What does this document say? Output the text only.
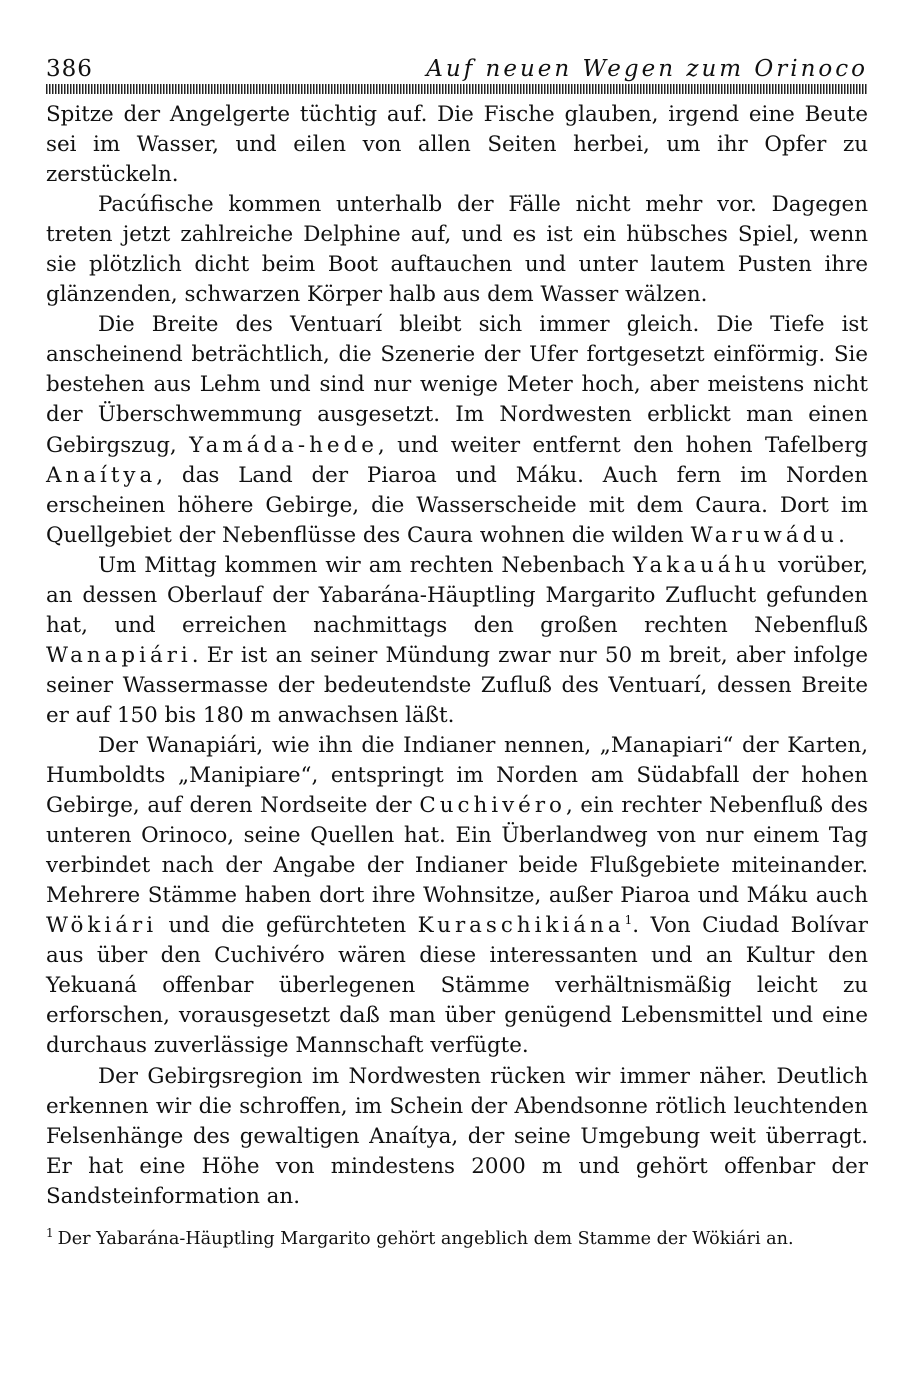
386	Auf neuen Wegen zum Orinoco

Spitze der Angelgerte tüchtig auf. Die Fische glauben, irgend eine Beute sei im Wasser, und eilen von allen Seiten herbei, um ihr Opfer zu zerstückeln.

Pacúfische kommen unterhalb der Fälle nicht mehr vor. Dagegen treten jetzt zahlreiche Delphine auf, und es ist ein hübsches Spiel, wenn sie plötzlich dicht beim Boot auftauchen und unter lautem Pusten ihre glänzenden, schwarzen Körper halb aus dem Wasser wälzen.

Die Breite des Ventuarí bleibt sich immer gleich. Die Tiefe ist anscheinend beträchtlich, die Szenerie der Ufer fortgesetzt einförmig. Sie bestehen aus Lehm und sind nur wenige Meter hoch, aber meistens nicht der Überschwemmung ausgesetzt. Im Nordwesten erblickt man einen Gebirgszug, Yamáda-hede, und weiter entfernt den hohen Tafelberg Anaítya, das Land der Piaroa und Máku. Auch fern im Norden erscheinen höhere Gebirge, die Wasserscheide mit dem Caura. Dort im Quellgebiet der Nebenflüsse des Caura wohnen die wilden Waruwádu.

Um Mittag kommen wir am rechten Nebenbach Yakauáhu vorüber, an dessen Oberlauf der Yabarána-Häuptling Margarito Zuflucht gefunden hat, und erreichen nachmittags den großen rechten Nebenfluß Wanapiári. Er ist an seiner Mündung zwar nur 50 m breit, aber infolge seiner Wassermasse der bedeutendste Zufluß des Ventuarí, dessen Breite er auf 150 bis 180 m anwachsen läßt.

Der Wanapiári, wie ihn die Indianer nennen, „Manapiari“ der Karten, Humboldts „Manipiare“, entspringt im Norden am Südabfall der hohen Gebirge, auf deren Nordseite der Cuchivéro, ein rechter Nebenfluß des unteren Orinoco, seine Quellen hat. Ein Überlandweg von nur einem Tag verbindet nach der Angabe der Indianer beide Flußgebiete miteinander. Mehrere Stämme haben dort ihre Wohnsitze, außer Piaroa und Máku auch Wökiári und die gefürchteten Kuraschikiána$^1$. Von Ciudad Bolívar aus über den Cuchivéro wären diese interessanten und an Kultur den Yekuaná offenbar überlegenen Stämme verhältnismäßig leicht zu erforschen, vorausgesetzt daß man über genügend Lebensmittel und eine durchaus zuverlässige Mannschaft verfügte.

Der Gebirgsregion im Nordwesten rücken wir immer näher. Deutlich erkennen wir die schroffen, im Schein der Abendsonne rötlich leuchtenden Felsenhänge des gewaltigen Anaítya, der seine Umgebung weit überragt. Er hat eine Höhe von mindestens 2000 m und gehört offenbar der Sandsteinformation an.

$^1$ Der Yabarána-Häuptling Margarito gehört angeblich dem Stamme der Wökiári an.
